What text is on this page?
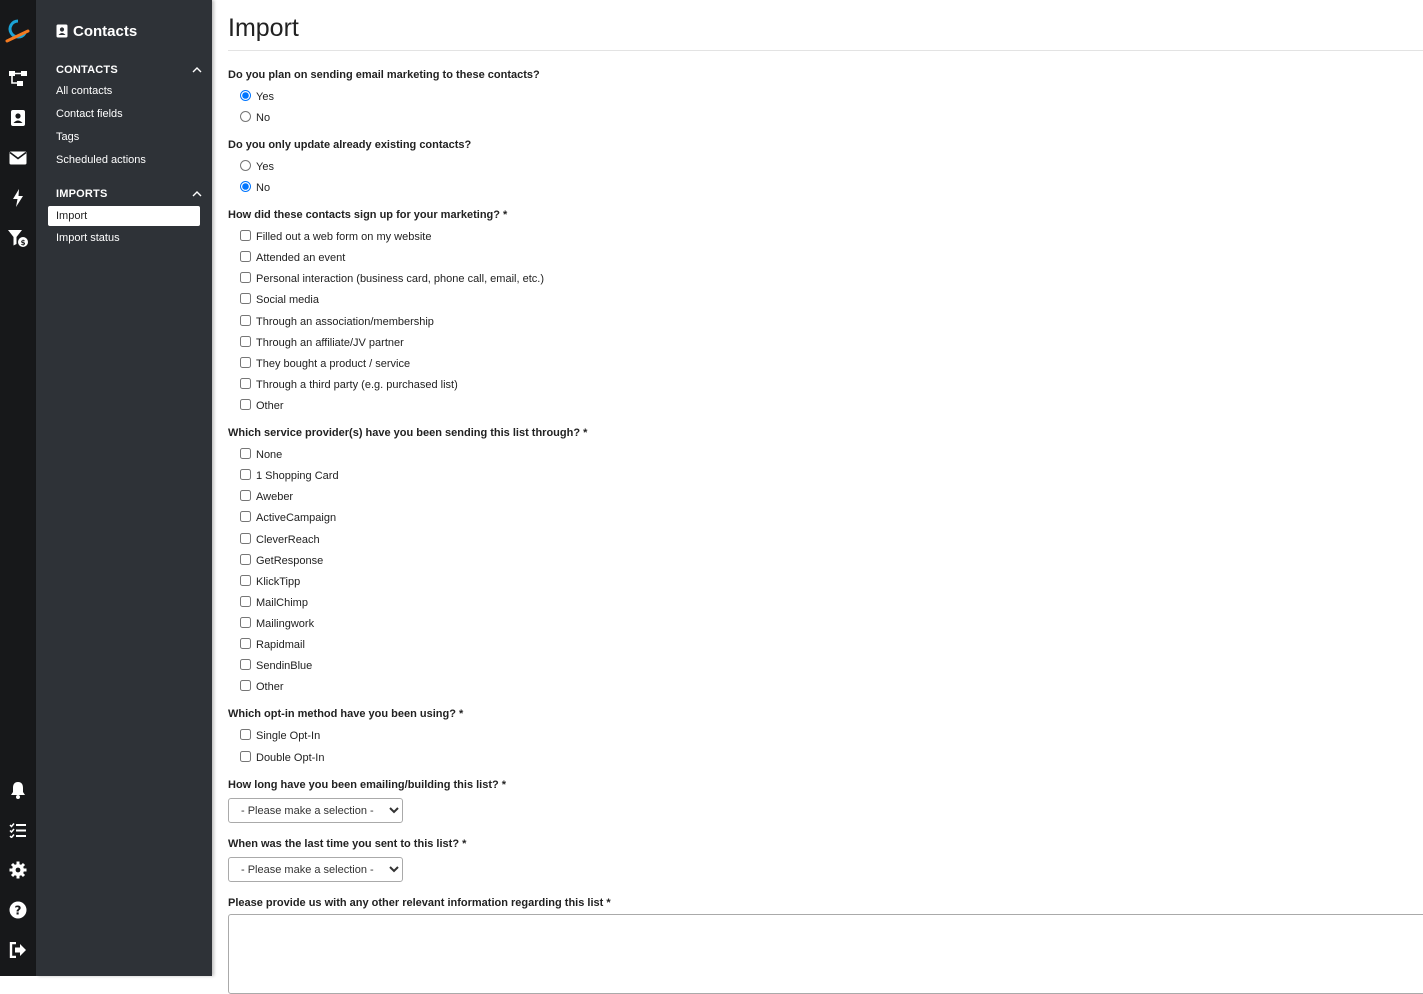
$
?
Contacts
CONTACTS
All contacts
Contact fields
Tags
Scheduled actions
IMPORTS
Import
Import status
Import
Do you plan on sending email marketing to these contacts?
Yes
No
Do you only update already existing contacts?
Yes
No
How did these contacts sign up for your marketing? *
Filled out a web form on my website
Attended an event
Personal interaction (business card, phone call, email, etc.)
Social media
Through an association/membership
Through an affiliate/JV partner
They bought a product / service
Through a third party (e.g. purchased list)
Other
Which service provider(s) have you been sending this list through? *
None
1 Shopping Card
Aweber
ActiveCampaign
CleverReach
GetResponse
KlickTipp
MailChimp
Mailingwork
Rapidmail
SendinBlue
Other
Which opt-in method have you been using? *
Single Opt-In
Double Opt-In
How long have you been emailing/building this list? *
- Please make a selection -
When was the last time you sent to this list? *
- Please make a selection -
Please provide us with any other relevant information regarding this list *
